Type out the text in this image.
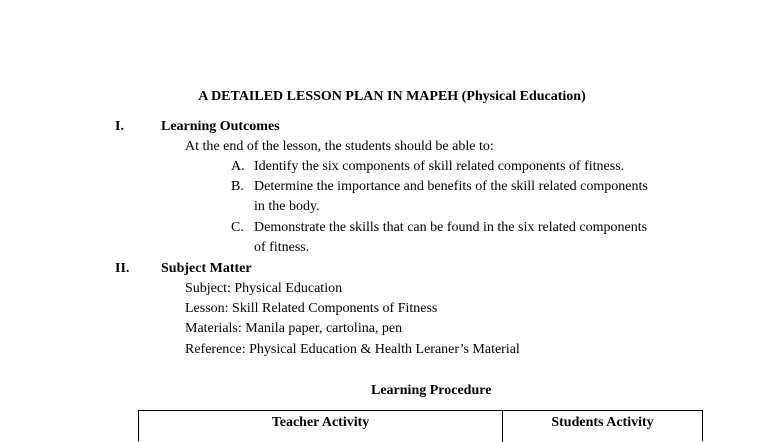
A DETAILED LESSON PLAN IN MAPEH (Physical Education)
I.	Learning Outcomes
At the end of the lesson, the students should be able to:
A. Identify the six components of skill related components of fitness.
B. Determine the importance and benefits of the skill related components
in the body.
C. Demonstrate the skills that can be found in the six related components
of fitness.
II. Subject Matter
Subject: Physical Education
Lesson: Skill Related Components of Fitness
Materials: Manila paper, cartolina, pen
Reference: Physical Education & Health Leraner’s Material
Learning Procedure
Teacher Activity	Students Activity
